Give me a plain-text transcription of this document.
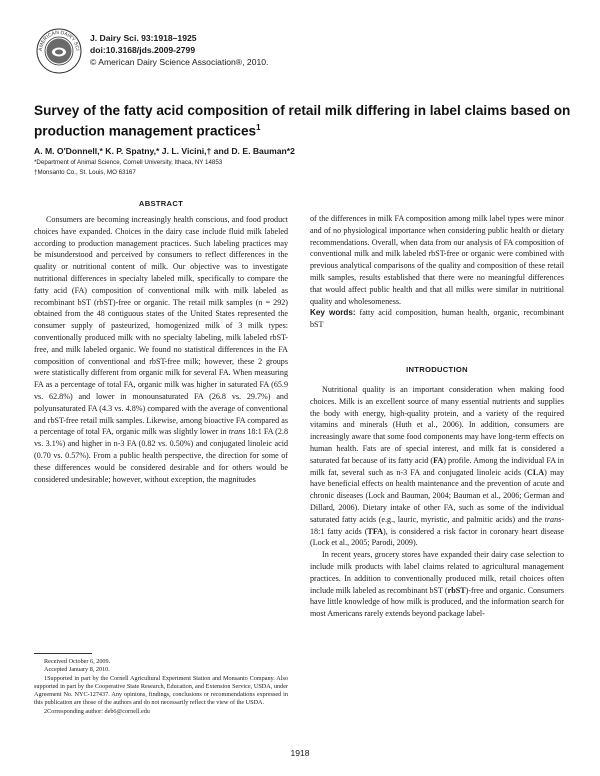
AMERICAN DAIRY SCI
J. Dairy Sci. 93:1918–1925
doi:10.3168/jds.2009-2799
© American Dairy Science Association®, 2010.
Survey of the fatty acid composition of retail milk differing in label claims based on production management practices$^1$
A. M. O'Donnell,* K. P. Spatny,* J. L. Vicini,† and D. E. Bauman*2
*Department of Animal Science, Cornell University, Ithaca, NY 14853
†Monsanto Co., St. Louis, MO 63167
ABSTRACT

Consumers are becoming increasingly health conscious, and food product choices have expanded. Choices in the dairy case include fluid milk labeled according to production management practices. Such labeling practices may be misunderstood and perceived by consumers to reflect differences in the quality or nutritional content of milk. Our objective was to investigate nutritional differences in specialty labeled milk, specifically to compare the fatty acid (FA) composition of conventional milk with milk labeled as recombinant bST (rbST)-free or organic. The retail milk samples (n = 292) obtained from the 48 contiguous states of the United States represented the consumer supply of pasteurized, homogenized milk of 3 milk types: conventionally produced milk with no specialty labeling, milk labeled rbST-free, and milk labeled organic. We found no statistical differences in the FA composition of conventional and rbST-free milk; however, these 2 groups were statistically different from organic milk for several FA. When measuring FA as a percentage of total FA, organic milk was higher in saturated FA (65.9 vs. 62.8%) and lower in monounsaturated FA (26.8 vs. 29.7%) and polyunsaturated FA (4.3 vs. 4.8%) compared with the average of conventional and rbST-free retail milk samples. Likewise, among bioactive FA compared as a percentage of total FA, organic milk was slightly lower in trans 18:1 FA (2.8 vs. 3.1%) and higher in n-3 FA (0.82 vs. 0.50%) and conjugated linoleic acid (0.70 vs. 0.57%). From a public health perspective, the direction for some of these differences would be considered desirable and for others would be considered undesirable; however, without exception, the magnitudes

of the differences in milk FA composition among milk label types were minor and of no physiological importance when considering public health or dietary recommendations. Overall, when data from our analysis of FA composition of conventional milk and milk labeled rbST-free or organic were combined with previous analytical comparisons of the quality and composition of these retail milk samples, results established that there were no meaningful differences that would affect public health and that all milks were similar in nutritional quality and wholesomeness.

Key words: fatty acid composition, human health, organic, recombinant bST

INTRODUCTION

Nutritional quality is an important consideration when making food choices. Milk is an excellent source of many essential nutrients and supplies the body with energy, high-quality protein, and a variety of the required vitamins and minerals (Huth et al., 2006). In addition, consumers are increasingly aware that some food components may have long-term effects on human health. Fats are of special interest, and milk fat is considered a saturated fat because of its fatty acid (FA) profile. Among the individual FA in milk fat, several such as n-3 FA and conjugated linoleic acids (CLA) may have beneficial effects on health maintenance and the prevention of acute and chronic diseases (Lock and Bauman, 2004; Bauman et al., 2006; German and Dillard, 2006). Dietary intake of other FA, such as some of the individual saturated fatty acids (e.g., lauric, myristic, and palmitic acids) and the trans-18:1 fatty acids (TFA), is considered a risk factor in coronary heart disease (Lock et al., 2005; Parodi, 2009).

In recent years, grocery stores have expanded their dairy case selection to include milk products with label claims related to agricultural management practices. In addition to conventionally produced milk, retail choices often include milk labeled as recombinant bST (rbST)-free and organic. Consumers have little knowledge of how milk is produced, and the information search for most Americans rarely extends beyond package label-

Received October 6, 2009.

Accepted January 8, 2010.

1Supported in part by the Cornell Agricultural Experiment Station and Monsanto Company. Also supported in part by the Cooperative State Research, Education, and Extension Service, USDA, under Agreement No. NYC-127437. Any opinions, findings, conclusions or recommendations expressed in this publication are those of the authors and do not necessarily reflect the view of the USDA.

2Corresponding author: deb6@cornell.edu

1918
